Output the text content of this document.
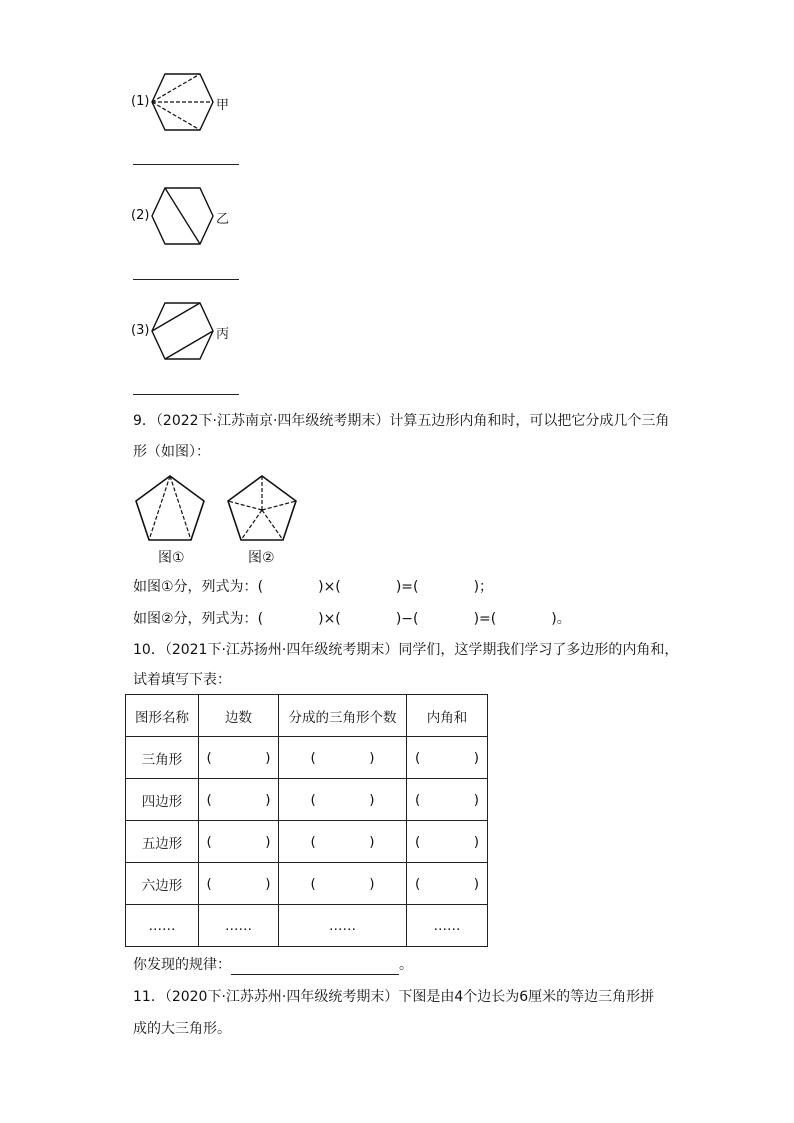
(1)	甲
(2)	乙
(3)	丙
9．（2022下·江苏南京·四年级统考期末）计算五边形内角和时，可以把它分成几个三角
形（如图）：
图①	图②
如图①分，列式为： (	) × (	) = (	) ；
如图②分，列式为： (	) × (	) − (	) = (	) 。
10．（2021下·江苏扬州·四年级统考期末）同学们，这学期我们学习了多边形的内角和，
试着填写下表：
图形名称	边数	分成的三角形个数	内角和
三角形	( )	( )	( )

四边形	( )	( )	( )

五边形	( )	( )	( )

六边形	( )	( )	( )

……	……	……	……
你发现的规律：	。
11．（2020下·江苏苏州·四年级统考期末）下图是由4个边长为6厘米的等边三角形拼
成的大三角形。
